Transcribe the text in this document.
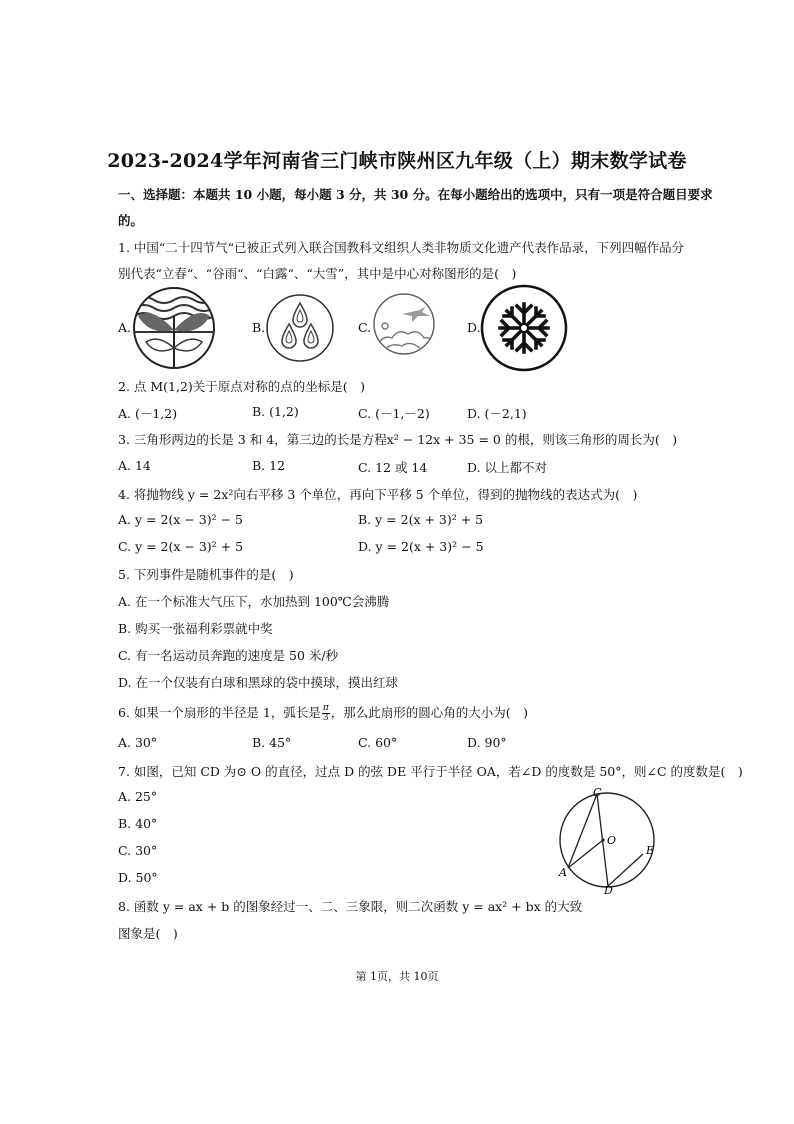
2023-2024学年河南省三门峡市陕州区九年级（上）期末数学试卷
一、选择题：本题共 10 小题，每小题 3 分，共 30 分。在每小题给出的选项中，只有一项是符合题目要求
的。
1. 中国“二十四节气“已被正式列入联合国教科文组织人类非物质文化遗产代表作品录，下列四幅作品分
别代表“立春“、“谷雨“、“白露“、“大雪”，其中是中心对称图形的是(　)
A.	B.	C.	D.
2. 点 M(1,2)关于原点对称的点的坐标是(　)
A. (－1,2)	B. (1,2)	C. (－1,－2)	D. (－2,1)
3. 三角形两边的长是 3 和 4，第三边的长是方程x² − 12x + 35 = 0 的根，则该三角形的周长为(　)
A. 14	B. 12	C. 12 或 14	D. 以上都不对
4. 将抛物线 y = 2x²向右平移 3 个单位，再向下平移 5 个单位，得到的抛物线的表达式为(　)
A. y = 2(x − 3)² − 5	B. y = 2(x + 3)² + 5
C. y = 2(x − 3)² + 5	D. y = 2(x + 3)² − 5
5. 下列事件是随机事件的是(　)
A. 在一个标准大气压下，水加热到 100℃会沸腾
B. 购买一张福利彩票就中奖
C. 有一名运动员奔跑的速度是 50 米/秒
D. 在一个仅装有白球和黑球的袋中摸球，摸出红球
6. 如果一个扇形的半径是 1，弧长是 $\frac{\pi}{3}$ ，那么此扇形的圆心角的大小为(　)
A. 30°	B. 45°	C. 60°	D. 90°
7. 如图，已知 CD 为⊙ O 的直径，过点 D 的弦 DE 平行于半径 OA，若∠D 的度数是 50°，则∠C 的度数是(　)
A. 25°
B. 40°
C. 30°
D. 50°
C
O
E
A
D
8. 函数 y = ax + b 的图象经过一、二、三象限，则二次函数 y = ax² + bx 的大致
图象是(　)
第 1页，共 10页
